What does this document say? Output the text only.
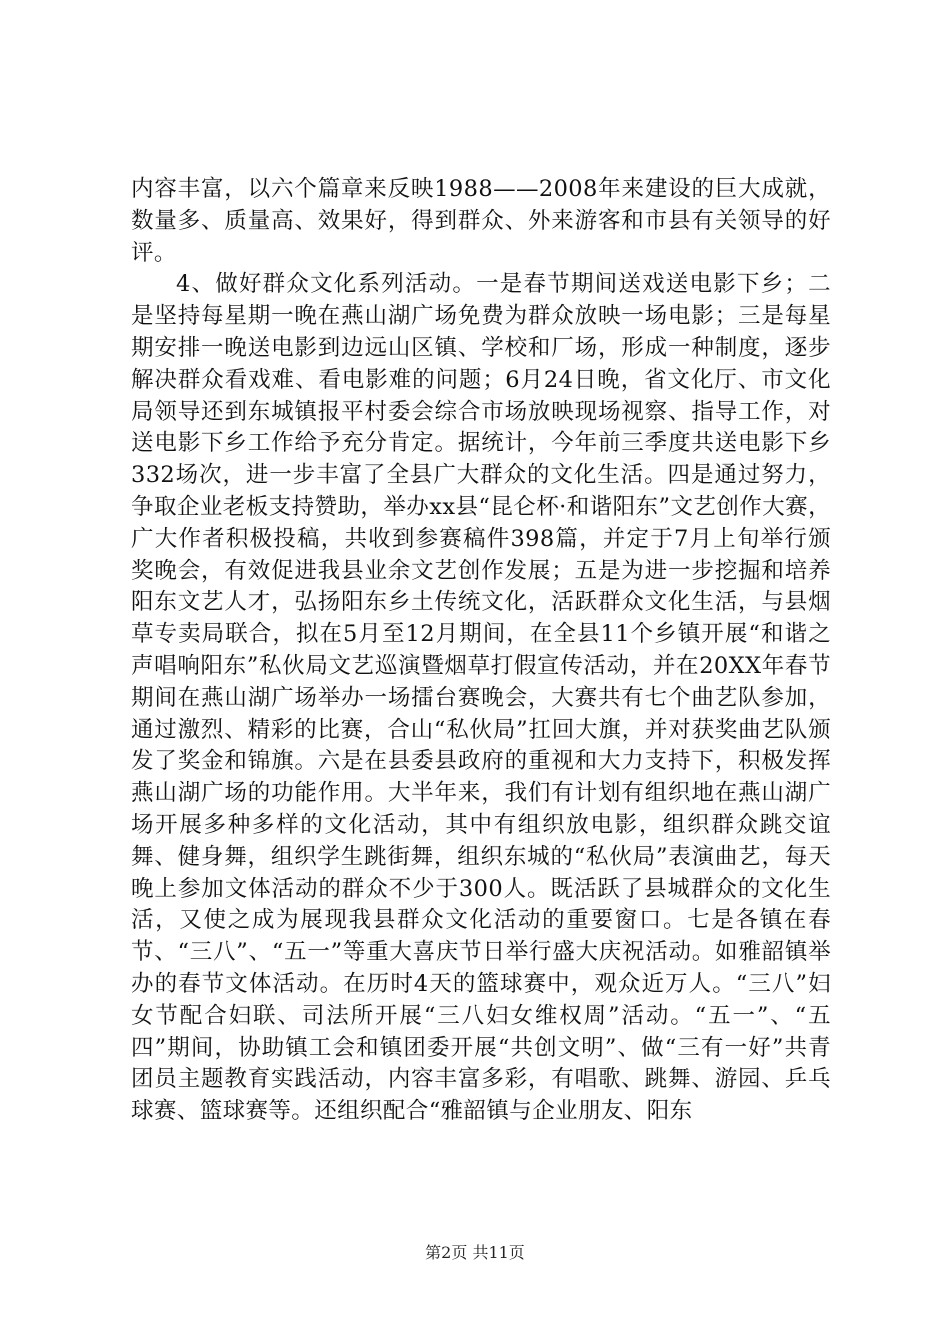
内容丰富，以六个篇章来反映1988——2008年来建设的巨大成就，数量多、质量高、效果好，得到群众、外来游客和市县有关领导的好评。

4、做好群众文化系列活动。一是春节期间送戏送电影下乡；二是坚持每星期一晚在燕山湖广场免费为群众放映一场电影；三是每星期安排一晚送电影到边远山区镇、学校和厂场，形成一种制度，逐步解决群众看戏难、看电影难的问题；6月24日晚，省文化厅、市文化局领导还到东城镇报平村委会综合市场放映现场视察、指导工作，对送电影下乡工作给予充分肯定。据统计，今年前三季度共送电影下乡332场次，进一步丰富了全县广大群众的文化生活。四是通过努力，争取企业老板支持赞助，举办xx县“昆仑杯·和谐阳东”文艺创作大赛，广大作者积极投稿，共收到参赛稿件398篇，并定于7月上旬举行颁奖晚会，有效促进我县业余文艺创作发展；五是为进一步挖掘和培养阳东文艺人才，弘扬阳东乡土传统文化，活跃群众文化生活，与县烟草专卖局联合，拟在5月至12月期间，在全县11个乡镇开展“和谐之声唱响阳东”私伙局文艺巡演暨烟草打假宣传活动，并在20XX年春节期间在燕山湖广场举办一场擂台赛晚会，大赛共有七个曲艺队参加，通过激烈、精彩的比赛，合山“私伙局”扛回大旗，并对获奖曲艺队颁发了奖金和锦旗。六是在县委县政府的重视和大力支持下，积极发挥燕山湖广场的功能作用。大半年来，我们有计划有组织地在燕山湖广场开展多种多样的文化活动，其中有组织放电影，组织群众跳交谊舞、健身舞，组织学生跳街舞，组织东城的“私伙局”表演曲艺，每天晚上参加文体活动的群众不少于300人。既活跃了县城群众的文化生活，又使之成为展现我县群众文化活动的重要窗口。七是各镇在春节、“三八”、“五一”等重大喜庆节日举行盛大庆祝活动。如雅韶镇举办的春节文体活动。在历时4天的篮球赛中，观众近万人。“三八”妇女节配合妇联、司法所开展“三八妇女维权周”活动。“五一”、“五四”期间，协助镇工会和镇团委开展“共创文明”、做“三有一好”共青团员主题教育实践活动，内容丰富多彩，有唱歌、跳舞、游园、乒乓球赛、篮球赛等。还组织配合“雅韶镇与企业朋友、阳东

第2页 共11页
